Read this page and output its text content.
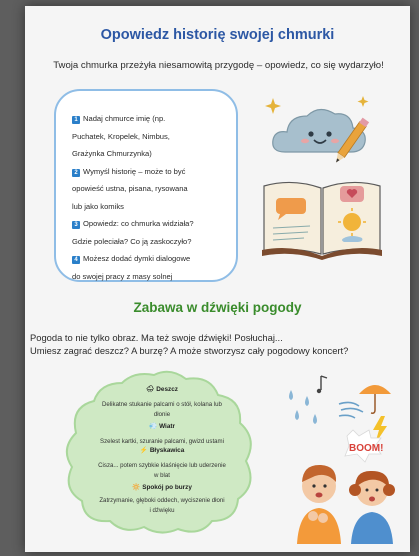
Opowiedz historię swojej chmurki

Twoja chmurka przeżyła niesamowitą przygodę – opowiedz, co się wydarzyło!

1 Nadaj chmurce imię (np.
Puchatek, Kropelek, Nimbus,
Grażynka Chmurzynka)
2 Wymyśl historię – może to być
opowieść ustna, pisana, rysowana
lub jako komiks
3 Opowiedz: co chmurka widziała?
Gdzie poleciała? Co ją zaskoczyło?
4 Możesz dodać dymki dialogowe
do swojej pracy z masy solnej
Zabawa w dźwięki pogody

Pogoda to nie tylko obraz. Ma też swoje dźwięki! Posłuchaj...
Umiesz zagrać deszcz? A burzę? A może stworzysz cały pogodowy koncert?

🌧 Deszcz
Delikatne stukanie palcami o stół, kolana lub
dłonie
💨 Wiatr
Szelest kartki, szuranie palcami, gwizd ustami
⚡ Błyskawica
Cisza... potem szybkie klaśnięcie lub uderzenie
w blat
🔆 Spokój po burzy
Zatrzymanie, głęboki oddech, wyciszenie dłoni
i dźwięku
BOOM!
